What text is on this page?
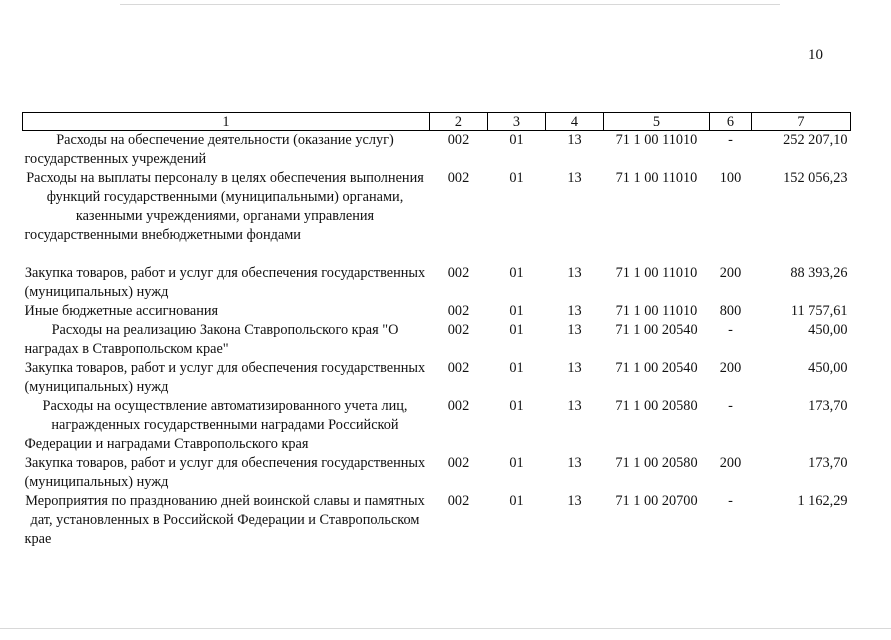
10
1	2	3	4	5	6	7
Расходы на обеспечение деятельности (оказание услуг) государственных учреждений	002	01	13	71 1 00 11010	-	252 207,10
Расходы на выплаты персоналу в целях обеспечения выполнения функций государственными (муниципальными) органами, казенными учреждениями, органами управления государственными внебюджетными фондами	002	01	13	71 1 00 11010	100	152 056,23
Закупка товаров, работ и услуг для обеспечения государственных (муниципальных) нужд	002	01	13	71 1 00 11010	200	88 393,26
Иные бюджетные ассигнования	002	01	13	71 1 00 11010	800	11 757,61
Расходы на реализацию Закона Ставропольского края "О наградах в Ставропольском крае"	002	01	13	71 1 00 20540	-	450,00
Закупка товаров, работ и услуг для обеспечения государственных (муниципальных) нужд	002	01	13	71 1 00 20540	200	450,00
Расходы на осуществление автоматизированного учета лиц, награжденных государственными наградами Российской Федерации и наградами Ставропольского края	002	01	13	71 1 00 20580	-	173,70
Закупка товаров, работ и услуг для обеспечения государственных (муниципальных) нужд	002	01	13	71 1 00 20580	200	173,70
Мероприятия по празднованию дней воинской славы и памятных дат, установленных в Российской Федерации и Ставропольском крае	002	01	13	71 1 00 20700	-	1 162,29
